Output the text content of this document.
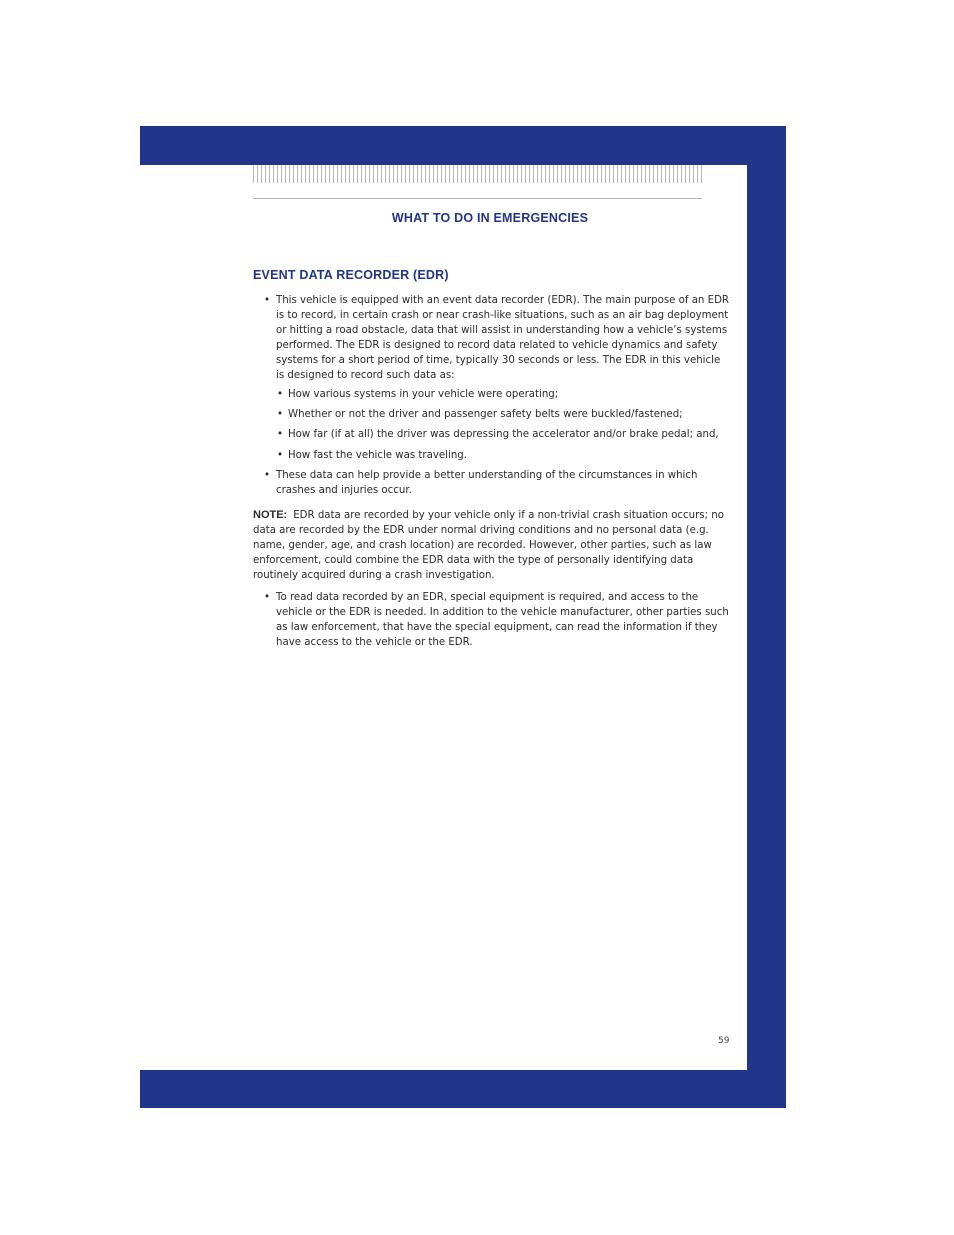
WHAT TO DO IN EMERGENCIES
EVENT DATA RECORDER (EDR)
• This vehicle is equipped with an event data recorder (EDR). The main purpose of an EDR is to record, in certain crash or near crash-like situations, such as an air bag deployment or hitting a road obstacle, data that will assist in understanding how a vehicle’s systems performed. The EDR is designed to record data related to vehicle dynamics and safety systems for a short period of time, typically 30 seconds or less. The EDR in this vehicle is designed to record such data as:
• How various systems in your vehicle were operating;
• Whether or not the driver and passenger safety belts were buckled/fastened;
• How far (if at all) the driver was depressing the accelerator and/or brake pedal; and,
• How fast the vehicle was traveling.
• These data can help provide a better understanding of the circumstances in which crashes and injuries occur.
NOTE: EDR data are recorded by your vehicle only if a non-trivial crash situation occurs; no data are recorded by the EDR under normal driving conditions and no personal data (e.g. name, gender, age, and crash location) are recorded. However, other parties, such as law enforcement, could combine the EDR data with the type of personally identifying data routinely acquired during a crash investigation.
• To read data recorded by an EDR, special equipment is required, and access to the vehicle or the EDR is needed. In addition to the vehicle manufacturer, other parties such as law enforcement, that have the special equipment, can read the information if they have access to the vehicle or the EDR.
59
